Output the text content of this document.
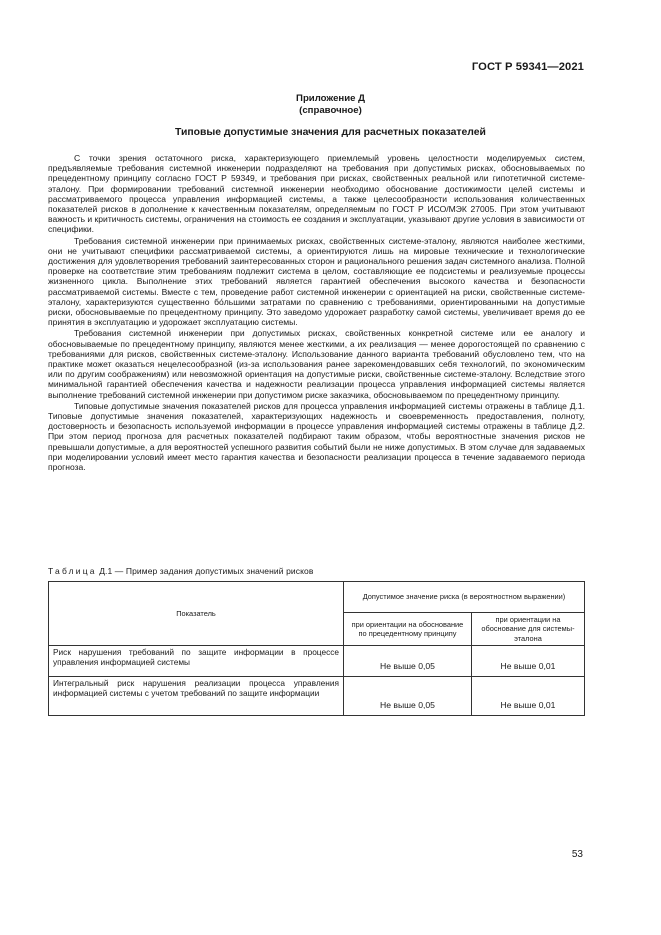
ГОСТ Р 59341—2021
Приложение Д
(справочное)
Типовые допустимые значения для расчетных показателей

С точки зрения остаточного риска, характеризующего приемлемый уровень целостности моделируемых систем, предъявляемые требования системной инженерии подразделяют на требования при допустимых рисках, обосновываемых по прецедентному принципу согласно ГОСТ Р 59349, и требования при рисках, свойственных реальной или гипотетичной системе-эталону. При формировании требований системной инженерии необходимо обоснование достижимости целей системы и рассматриваемого процесса управления информацией системы, а также целесообразности использования количественных показателей рисков в дополнение к качественным показателям, определяемым по ГОСТ Р ИСО/МЭК 27005. При этом учитывают важность и критичность системы, ограничения на стоимость ее создания и эксплуатации, указывают другие условия в зависимости от специфики.

Требования системной инженерии при принимаемых рисках, свойственных системе-эталону, являются наиболее жесткими, они не учитывают специфики рассматриваемой системы, а ориентируются лишь на мировые технические и технологические достижения для удовлетворения требований заинтересованных сторон и рационального решения задач системного анализа. Полной проверке на соответствие этим требованиям подлежит система в целом, составляющие ее подсистемы и реализуемые процессы жизненного цикла. Выполнение этих требований является гарантией обеспечения высокого качества и безопасности рассматриваемой системы. Вместе с тем, проведение работ системной инженерии с ориентацией на риски, свойственные системе-эталону, характеризуются существенно бо́льшими затратами по сравнению с требованиями, ориентированными на допустимые риски, обосновываемые по прецедентному принципу. Это заведомо удорожает разработку самой системы, увеличивает время до ее принятия в эксплуатацию и удорожает эксплуатацию системы.

Требования системной инженерии при допустимых рисках, свойственных конкретной системе или ее аналогу и обосновываемые по прецедентному принципу, являются менее жесткими, а их реализация — менее дорогостоящей по сравнению с требованиями для рисков, свойственных системе-эталону. Использование данного варианта требований обусловлено тем, что на практике может оказаться нецелесообразной (из-за использования ранее зарекомендовавших себя технологий, по экономическим или по другим соображениям) или невозможной ориентация на допустимые риски, свойственные системе-эталону. Вследствие этого минимальной гарантией обеспечения качества и надежности реализации процесса управления информацией системы является выполнение требований системной инженерии при допустимом риске заказчика, обосновываемом по прецедентному принципу.

Типовые допустимые значения показателей рисков для процесса управления информацией системы отражены в таблице Д.1. Типовые допустимые значения показателей, характеризующих надежность и своевременность предоставления, полноту, достоверность и безопасность используемой информации в процессе управления информацией системы отражены в таблице Д.2. При этом период прогноза для расчетных показателей подбирают таким образом, чтобы вероятностные значения рисков не превышали допустимые, а для вероятностей успешного развития событий были не ниже допустимых. В этом случае для задаваемых при моделировании условий имеет место гарантия качества и безопасности реализации процесса в течение задаваемого периода прогноза.

Таблица Д.1 — Пример задания допустимых значений рисков
Показатель	Допустимое значение риска (в вероятностном выражении)	
	при ориентации на обоснование по прецедентному принципу	при ориентации на обоснование для системы-эталона
Риск нарушения требований по защите информации в процессе управления информацией системы	Не выше 0,05	Не выше 0,01
Интегральный риск нарушения реализации процесса управления информацией системы с учетом требований по защите информации	Не выше 0,05	Не выше 0,01
53
